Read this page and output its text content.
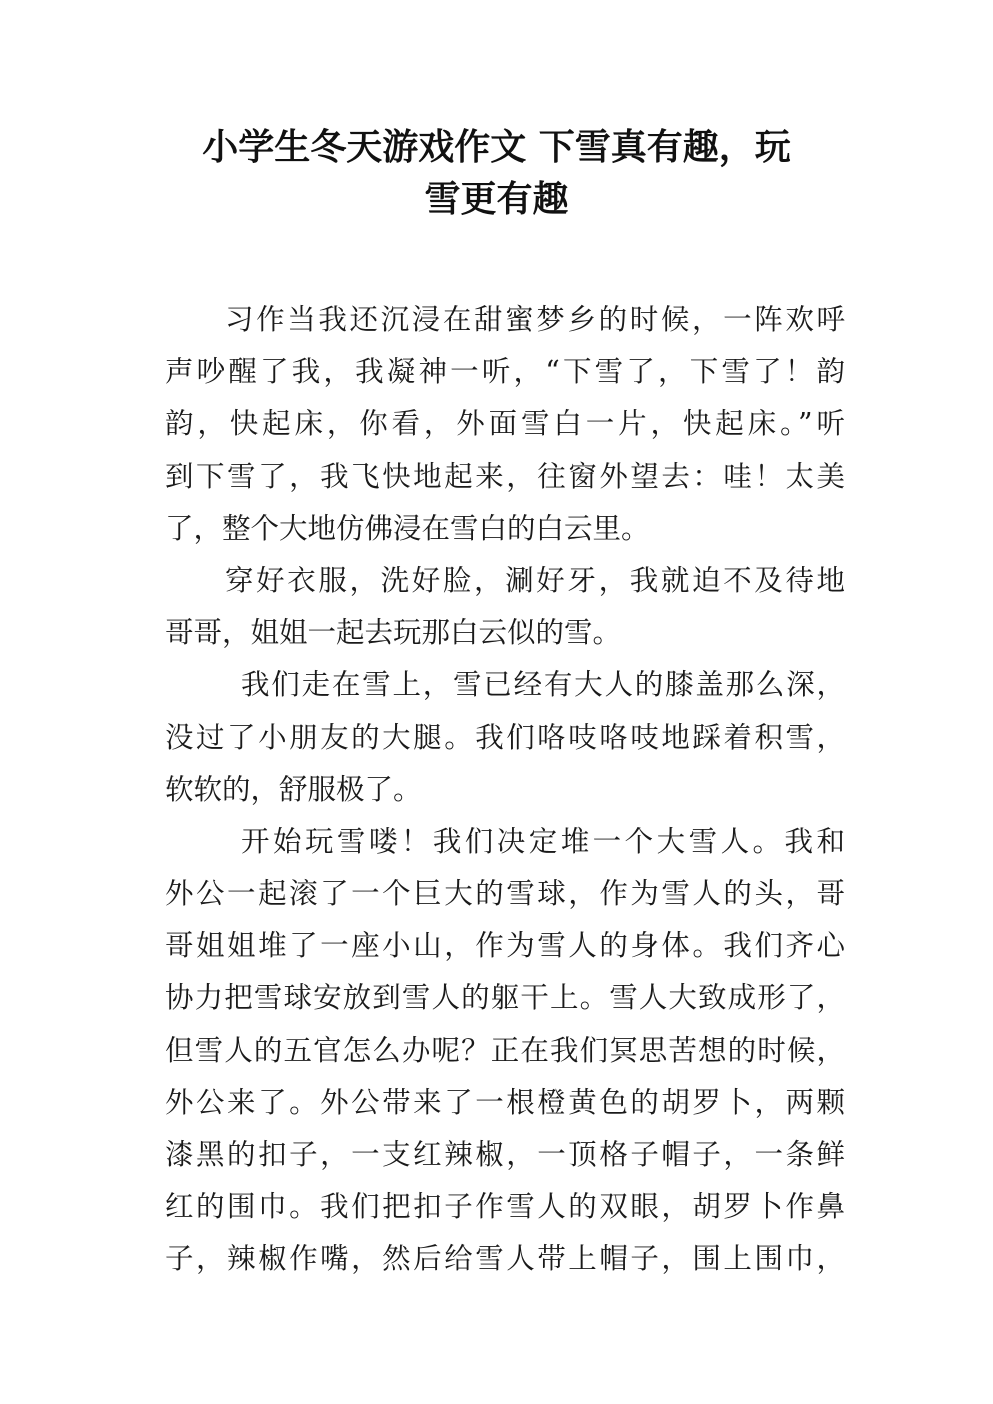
小学生冬天游戏作文 下雪真有趣，玩
雪更有趣
习作当我还沉浸在甜蜜梦乡的时候，一阵欢呼
声吵醒了我，我凝神一听，“下雪了，下雪了！韵
韵，快起床，你看，外面雪白一片，快起床。”听
到下雪了，我飞快地起来，往窗外望去：哇！太美
了，整个大地仿佛浸在雪白的白云里。
穿好衣服，洗好脸，涮好牙，我就迫不及待地
哥哥，姐姐一起去玩那白云似的雪。
我们走在雪上，雪已经有大人的膝盖那么深，
没过了小朋友的大腿。我们咯吱咯吱地踩着积雪，
软软的，舒服极了。
开始玩雪喽！我们决定堆一个大雪人。我和
外公一起滚了一个巨大的雪球，作为雪人的头，哥
哥姐姐堆了一座小山，作为雪人的身体。我们齐心
协力把雪球安放到雪人的躯干上。雪人大致成形了，
但雪人的五官怎么办呢？正在我们冥思苦想的时候，
外公来了。外公带来了一根橙黄色的胡罗卜，两颗
漆黑的扣子，一支红辣椒，一顶格子帽子，一条鲜
红的围巾。我们把扣子作雪人的双眼，胡罗卜作鼻
子，辣椒作嘴，然后给雪人带上帽子，围上围巾，
